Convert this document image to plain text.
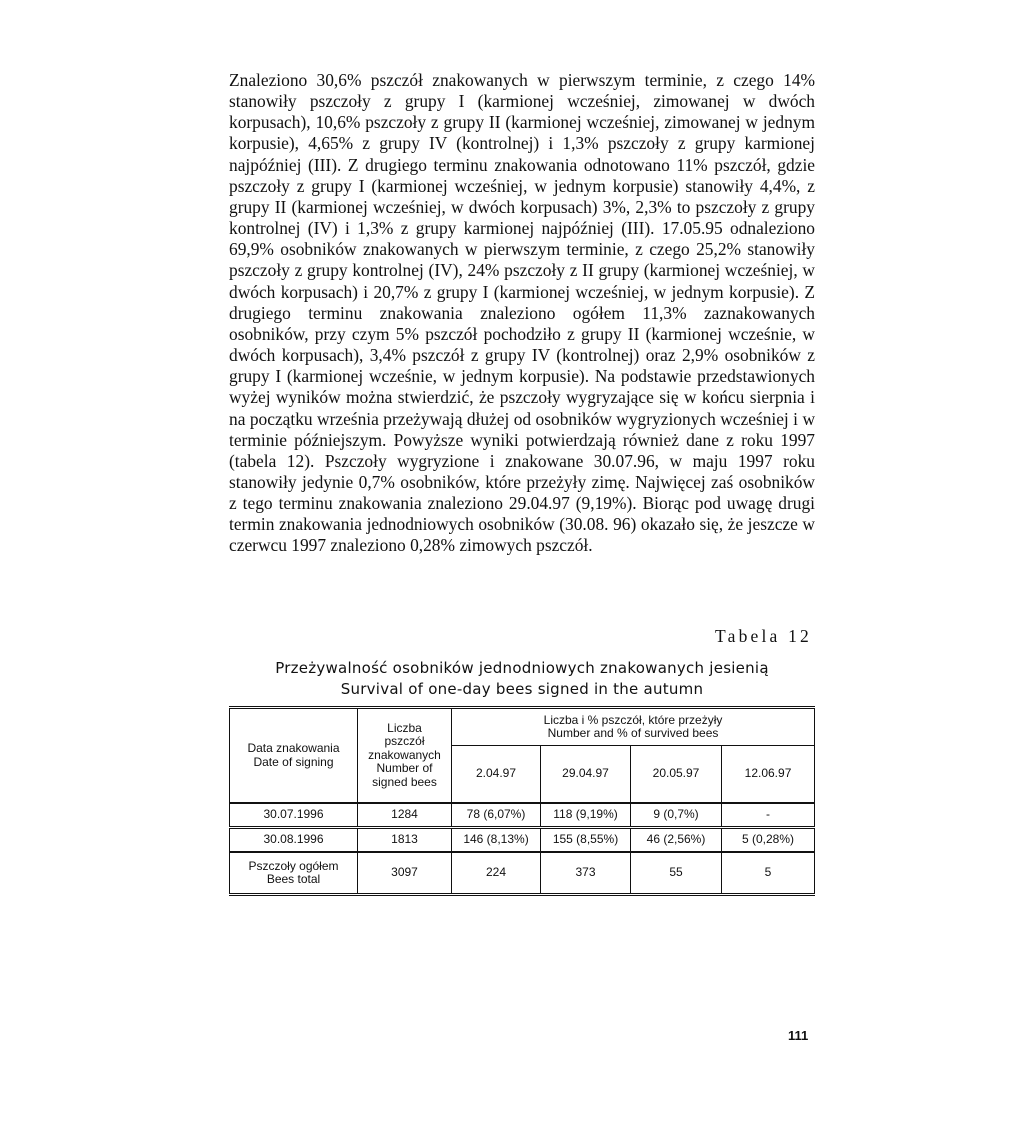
Znaleziono 30,6% pszczół znakowanych w pierwszym terminie, z czego 14% stanowiły pszczoły z grupy I (karmionej wcześniej, zimowanej w dwóch korpusach), 10,6% pszczoły z grupy II (karmionej wcześniej, zimowanej w jednym korpusie), 4,65% z grupy IV (kontrolnej) i 1,3% pszczoły z grupy karmionej najpóźniej (III). Z drugiego terminu znakowania odnotowano 11% pszczół, gdzie pszczoły z grupy I (karmionej wcześniej, w jednym korpusie) stanowiły 4,4%, z grupy II (karmionej wcześniej, w dwóch korpusach) 3%, 2,3% to pszczoły z grupy kontrolnej (IV) i 1,3% z grupy karmionej najpóźniej (III). 17.05.95 odnaleziono 69,9% osobników znakowanych w pierwszym terminie, z czego 25,2% stanowiły pszczoły z grupy kontrolnej (IV), 24% pszczoły z II grupy (karmionej wcześniej, w dwóch korpusach) i 20,7% z grupy I (karmionej wcześniej, w jednym korpusie). Z drugiego terminu znakowania znaleziono ogółem 11,3% zaznakowanych osobników, przy czym 5% pszczół pochodziło z grupy II (karmionej wcześnie, w dwóch korpusach), 3,4% pszczół z grupy IV (kontrolnej) oraz 2,9% osobników z grupy I (karmionej wcześnie, w jednym korpusie). Na podstawie przedstawionych wyżej wyników można stwierdzić, że pszczoły wygryzające się w końcu sierpnia i na początku września przeżywają dłużej od osobników wygryzionych wcześniej i w terminie późniejszym. Powyższe wyniki potwierdzają również dane z roku 1997 (tabela 12). Pszczoły wygryzione i znakowane 30.07.96, w maju 1997 roku stanowiły jedynie 0,7% osobników, które przeżyły zimę. Najwięcej zaś osobników z tego terminu znakowania znaleziono 29.04.97 (9,19%). Biorąc pod uwagę drugi termin znakowania jednodniowych osobników (30.08. 96) okazało się, że jeszcze w czerwcu 1997 znaleziono 0,28% zimowych pszczół.

Tabela 12

Przeżywalność osobników jednodniowych znakowanych jesienią

Survival of one-day bees signed in the autumn

Data znakowania
Date of signing	Liczba
pszczół
znakowanych
Number of
signed bees	Liczba i % pszczół, które przeżyły
Number and % of survived bees			

		2.04.97	29.04.97	20.05.97	12.06.97
30.07.1996	1284	78 (6,07%)	118 (9,19%)	9 (0,7%)	-
30.08.1996	1813	146 (8,13%)	155 (8,55%)	46 (2,56%)	5 (0,28%)

Pszczoły ogółem
Bees total	3097	224	373	55	5

111
